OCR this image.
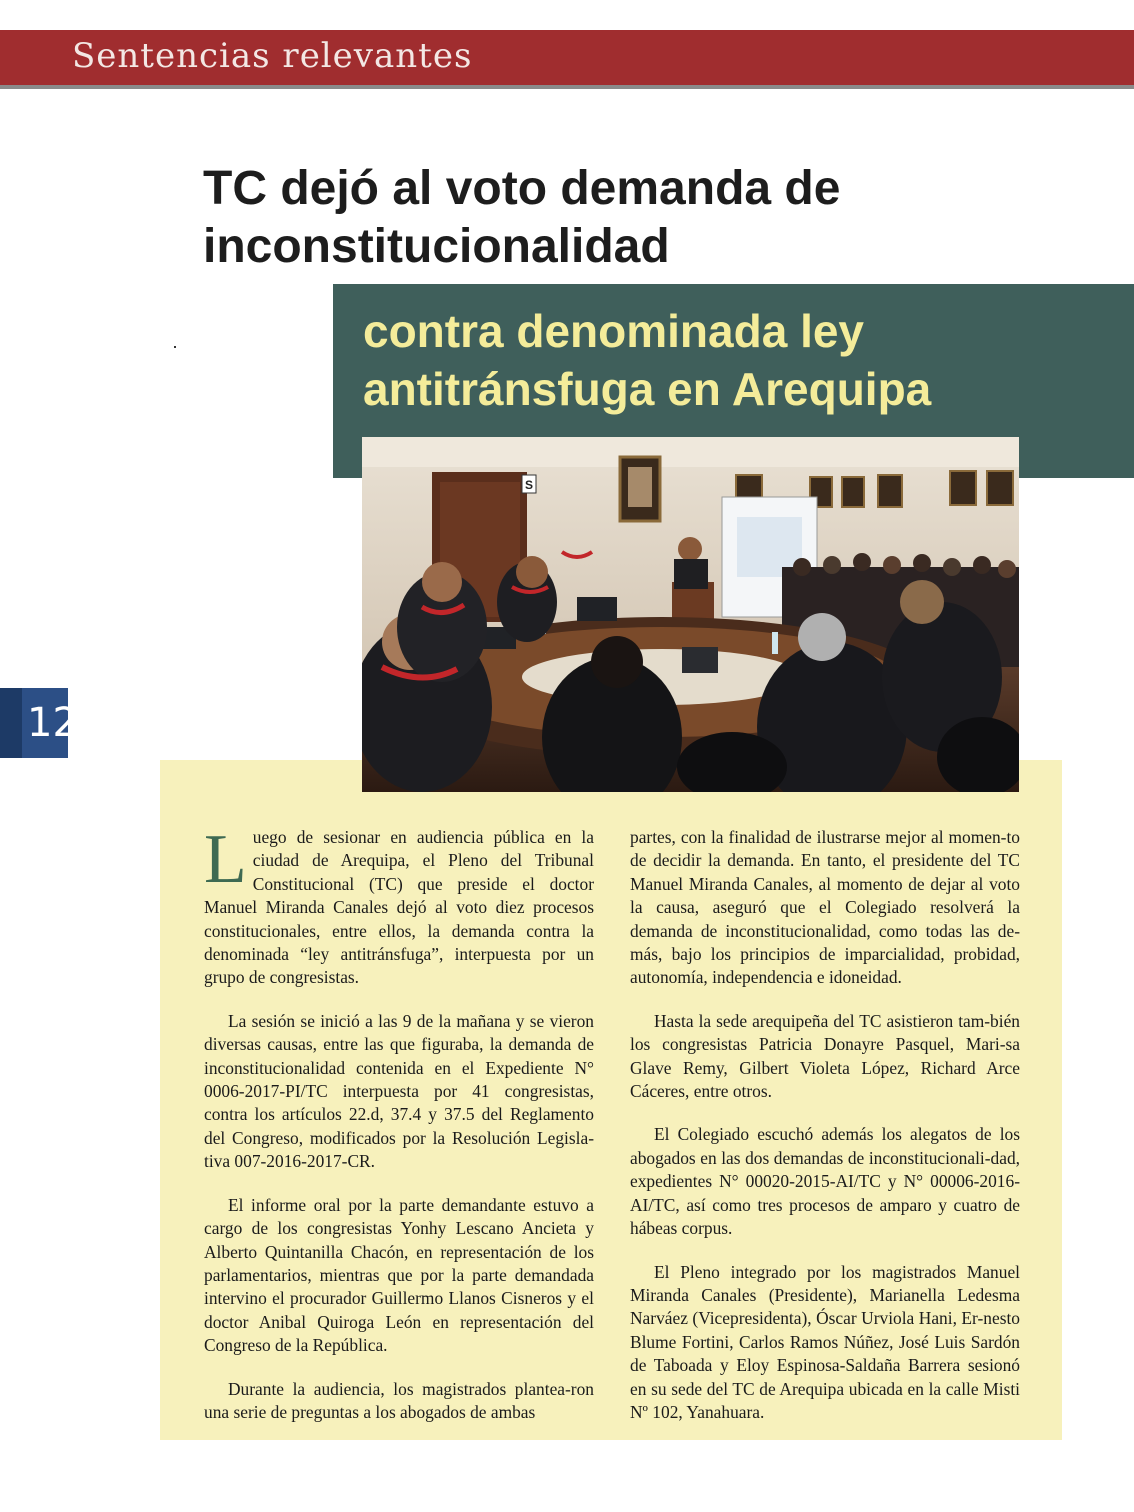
Sentencias relevantes
TC dejó al voto demanda de
inconstitucionalidad
contra denominada ley
antitránsfuga en Arequipa
12
S

Luego de sesionar en audiencia pública en la ciudad de Arequipa, el Pleno del Tribunal Constitucional (TC) que preside el doctor Manuel Miranda Canales dejó al voto diez procesos constitucionales, entre ellos, la demanda contra la denominada “ley antitránsfuga”, interpuesta por un grupo de congresistas.

La sesión se inició a las 9 de la mañana y se vieron diversas causas, entre las que figuraba, la demanda de inconstitucionalidad contenida en el Expediente N° 0006-2017-PI/TC interpuesta por 41 congresistas, contra los artículos 22.d, 37.4 y 37.5 del Reglamento del Congreso, modificados por la Resolución Legisla-tiva 007-2016-2017-CR.

El informe oral por la parte demandante estuvo a cargo de los congresistas Yonhy Lescano Ancieta y Alberto Quintanilla Chacón, en representación de los parlamentarios, mientras que por la parte demandada intervino el procurador Guillermo Llanos Cisneros y el doctor Anibal Quiroga León en representación del Congreso de la República.

Durante la audiencia, los magistrados plantea-ron una serie de preguntas a los abogados de ambas

partes, con la finalidad de ilustrarse mejor al momen-to de decidir la demanda. En tanto, el presidente del TC Manuel Miranda Canales, al momento de dejar al voto la causa, aseguró que el Colegiado resolverá la demanda de inconstitucionalidad, como todas las de-más, bajo los principios de imparcialidad, probidad, autonomía, independencia e idoneidad.

Hasta la sede arequipeña del TC asistieron tam-bién los congresistas Patricia Donayre Pasquel, Mari-sa Glave Remy, Gilbert Violeta López, Richard Arce Cáceres, entre otros.

El Colegiado escuchó además los alegatos de los abogados en las dos demandas de inconstitucionali-dad, expedientes N° 00020-2015-AI/TC y N° 00006-2016-AI/TC, así como tres procesos de amparo y cuatro de hábeas corpus.

El Pleno integrado por los magistrados Manuel Miranda Canales (Presidente), Marianella Ledesma Narváez (Vicepresidenta), Óscar Urviola Hani, Er-nesto Blume Fortini, Carlos Ramos Núñez, José Luis Sardón de Taboada y Eloy Espinosa-Saldaña Barrera sesionó en su sede del TC de Arequipa ubicada en la calle Misti Nº 102, Yanahuara.
